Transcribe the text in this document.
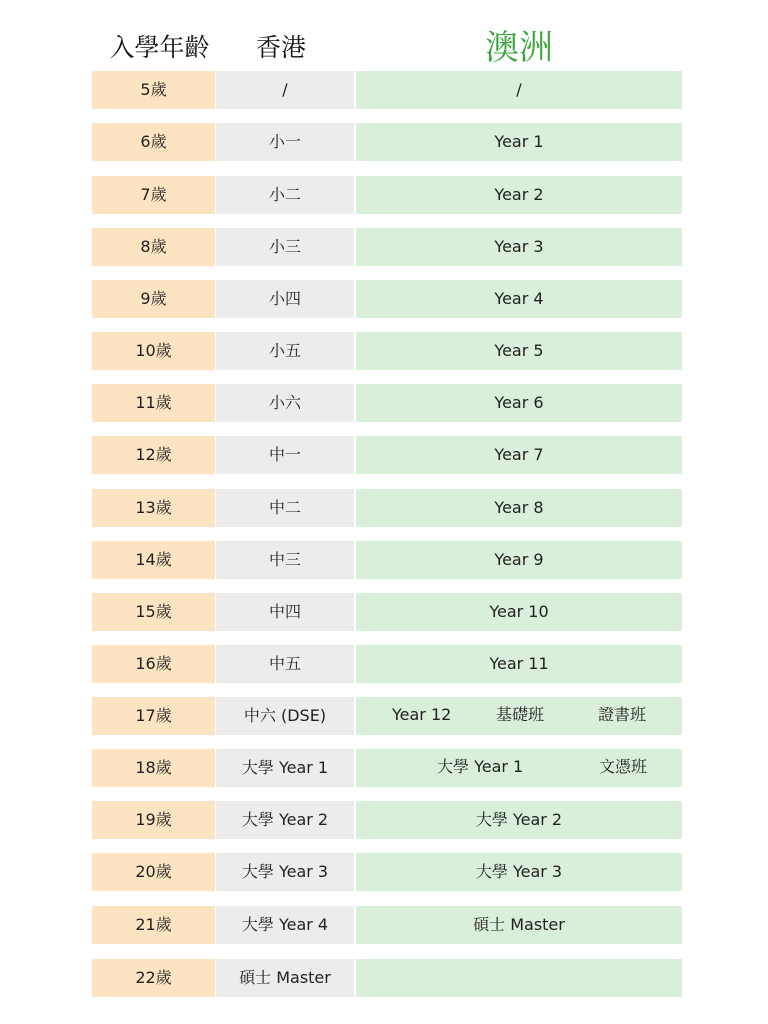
入學年齡	香港	澳洲
5歲	/	/
6歲	小一	Year 1
7歲	小二	Year 2
8歲	小三	Year 3
9歲	小四	Year 4
10歲	小五	Year 5
11歲	小六	Year 6
12歲	中一	Year 7
13歲	中二	Year 8
14歲	中三	Year 9
15歲	中四	Year 10
16歲	中五	Year 11
17歲	中六 (DSE)	Year 12	基礎班	證書班
18歲	大學 Year 1	大學 Year 1	文憑班
19歲	大學 Year 2	大學 Year 2
20歲	大學 Year 3	大學 Year 3
21歲	大學 Year 4	碩士 Master
22歲	碩士 Master
